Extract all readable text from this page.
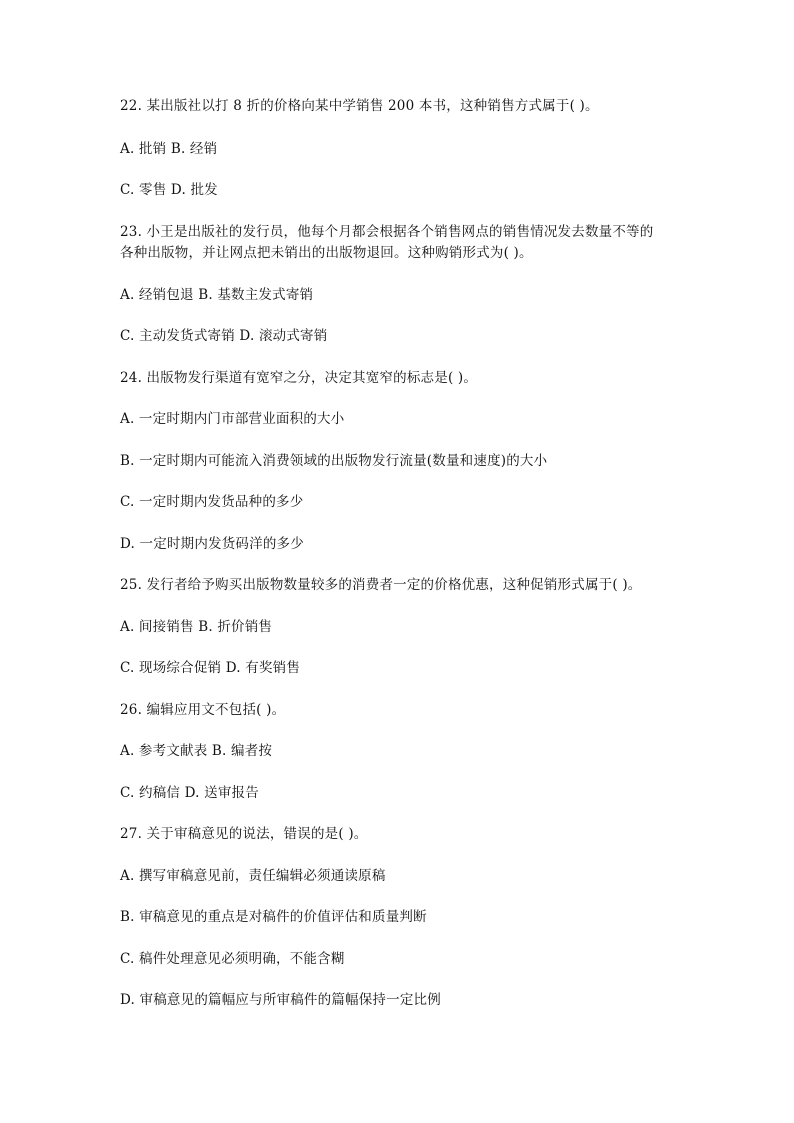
22. 某出版社以打 8 折的价格向某中学销售 200 本书，这种销售方式属于( )。
A. 批销 B. 经销
C. 零售 D. 批发
23. 小王是出版社的发行员，他每个月都会根据各个销售网点的销售情况发去数量不等的
各种出版物，并让网点把未销出的出版物退回。这种购销形式为( )。
A. 经销包退 B. 基数主发式寄销
C. 主动发货式寄销 D. 滚动式寄销
24. 出版物发行渠道有宽窄之分，决定其宽窄的标志是( )。
A. 一定时期内门市部营业面积的大小
B. 一定时期内可能流入消费领域的出版物发行流量(数量和速度)的大小
C. 一定时期内发货品种的多少
D. 一定时期内发货码洋的多少
25. 发行者给予购买出版物数量较多的消费者一定的价格优惠，这种促销形式属于( )。
A. 间接销售 B. 折价销售
C. 现场综合促销 D. 有奖销售
26. 编辑应用文不包括( )。
A. 参考文献表 B. 编者按
C. 约稿信 D. 送审报告
27. 关于审稿意见的说法，错误的是( )。
A. 撰写审稿意见前，责任编辑必须通读原稿
B. 审稿意见的重点是对稿件的价值评估和质量判断
C. 稿件处理意见必须明确，不能含糊
D. 审稿意见的篇幅应与所审稿件的篇幅保持一定比例
